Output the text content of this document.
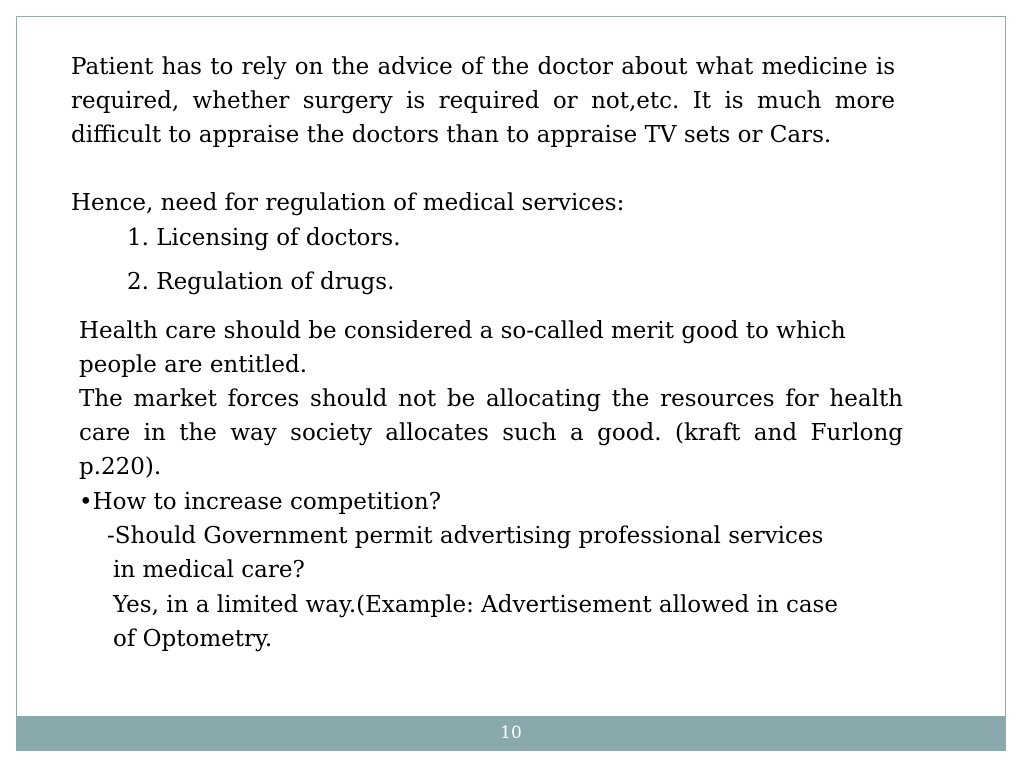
Patient has to rely on the advice of the doctor about what medicine is required, whether surgery is required or not,etc. It is much more difficult to appraise the doctors than to appraise TV sets or Cars.

Hence, need for regulation of medical services:

1. Licensing of doctors.

2. Regulation of drugs.

Health care should be considered a so-called merit good to which people are entitled.

The market forces should not be allocating the resources for health care in the way society allocates such a good. (kraft and Furlong p.220).

•How to increase competition?

-Should Government permit advertising professional services

in medical care?

Yes, in a limited way.(Example: Advertisement allowed in case

of Optometry.

10
